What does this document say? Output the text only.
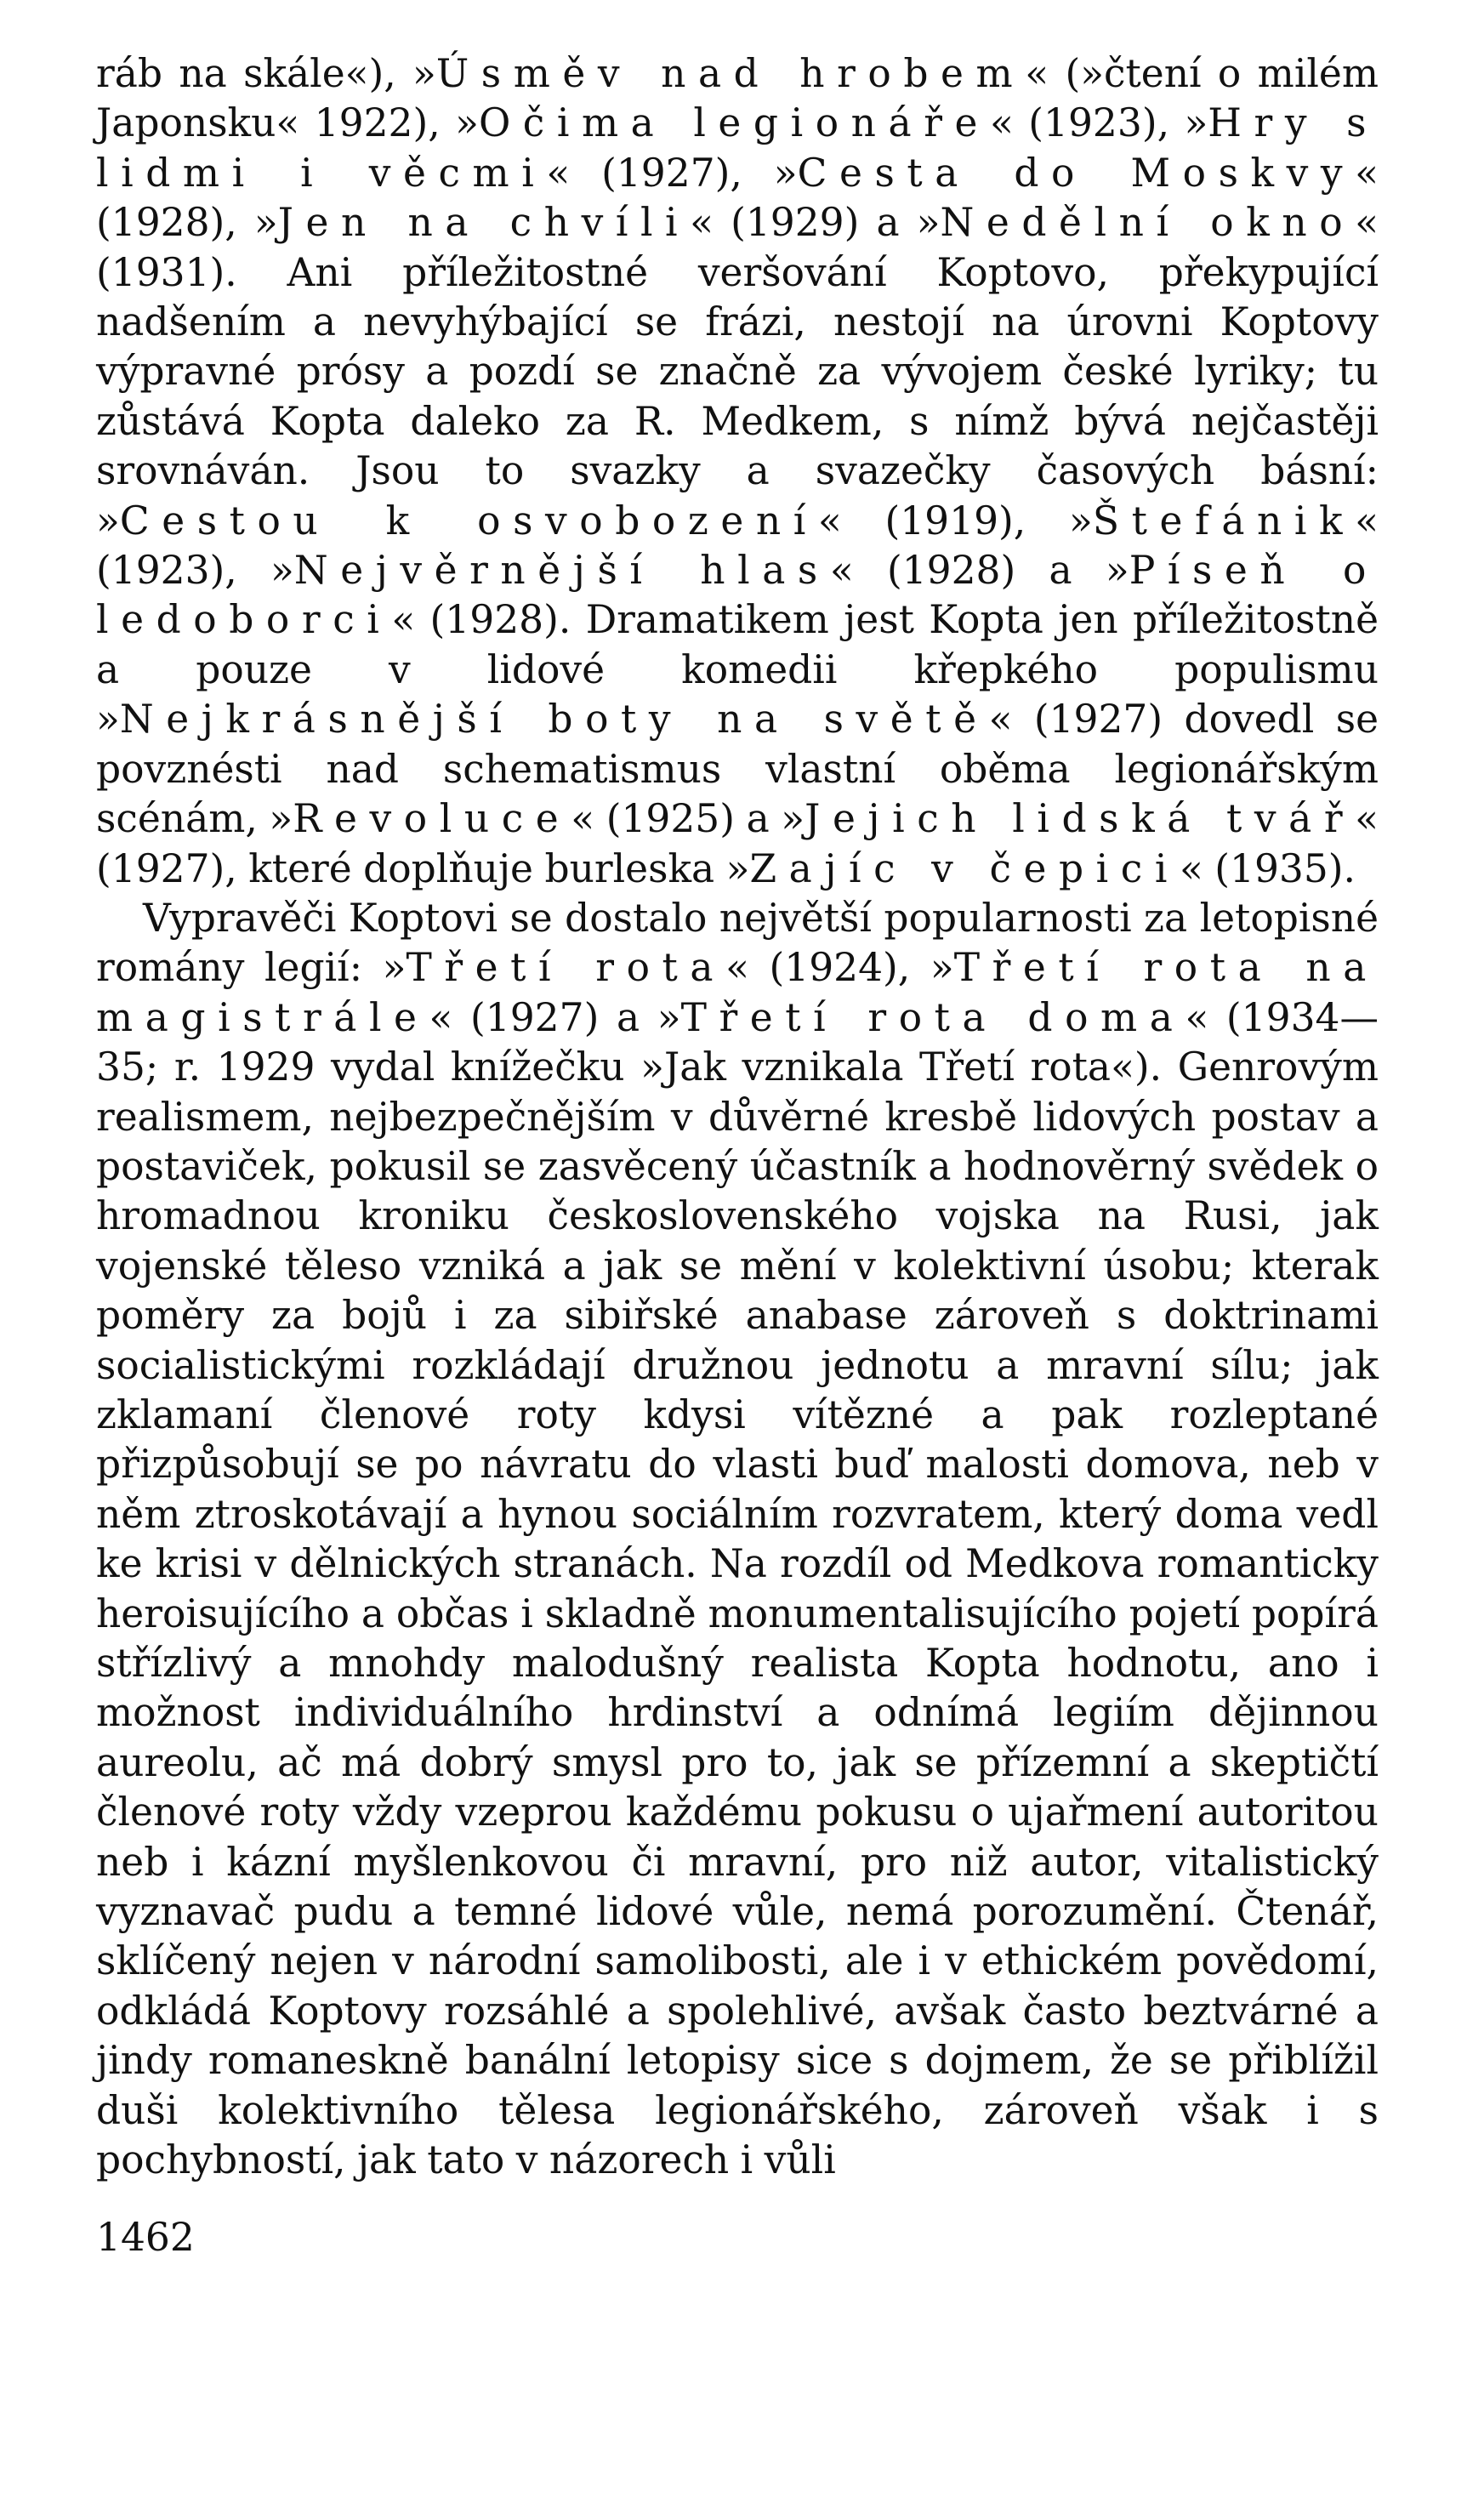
ráb na skále«), »Úsměv nad hrobem« (»čtení o milém Japonsku« 1922), »Očima legionáře« (1923), »Hry s lidmi i věcmi« (1927), »Cesta do Moskvy« (1928), »Jen na chvíli« (1929) a »Nedělní okno« (1931). Ani příležitostné veršování Koptovo, překypující nadšením a nevyhýbající se frázi, nestojí na úrovni Koptovy výpravné prósy a pozdí se značně za vývojem české lyriky; tu zůstává Kopta daleko za R. Medkem, s nímž bývá nejčastěji srovnáván. Jsou to svazky a svazečky časových básní: »Cestou k osvobození« (1919), »Štefánik« (1923), »Nejvěrnější hlas« (1928) a »Píseň o ledoborci« (1928). Dramatikem jest Kopta jen příležitostně a pouze v lidové komedii křepkého populismu »Nejkrásnější boty na světě« (1927) dovedl se povznésti nad schematismus vlastní oběma legionářským scénám, »Revoluce« (1925) a »Jejich lidská tvář« (1927), které doplňuje burleska »Zajíc v čepici« (1935).

Vypravěči Koptovi se dostalo největší popularnosti za letopisné romány legií: »Třetí rota« (1924), »Třetí rota na magistrále« (1927) a »Třetí rota doma« (1934—35; r. 1929 vydal knížečku »Jak vznikala Třetí rota«). Genrovým realismem, nejbezpečnějším v důvěrné kresbě lidových postav a postaviček, pokusil se zasvěcený účastník a hodnověrný svědek o hromadnou kroniku československého vojska na Rusi, jak vojenské těleso vzniká a jak se mění v kolektivní úsobu; kterak poměry za bojů i za sibiřské anabase zároveň s doktrinami socialistickými rozkládají družnou jednotu a mravní sílu; jak zklamaní členové roty kdysi vítězné a pak rozleptané přizpůsobují se po návratu do vlasti buď malosti domova, neb v něm ztroskotávají a hynou sociálním rozvratem, který doma vedl ke krisi v dělnických stranách. Na rozdíl od Medkova romanticky heroisujícího a občas i skladně monumentalisujícího pojetí popírá střízlivý a mnohdy malodušný realista Kopta hodnotu, ano i možnost individuálního hrdinství a odnímá legiím dějinnou aureolu, ač má dobrý smysl pro to, jak se přízemní a skeptičtí členové roty vždy vzeprou každému pokusu o ujařmení autoritou neb i kázní myšlenkovou či mravní, pro niž autor, vitalistický vyznavač pudu a temné lidové vůle, nemá porozumění. Čtenář, sklíčený nejen v národní samolibosti, ale i v ethickém povědomí, odkládá Koptovy rozsáhlé a spolehlivé, avšak často beztvárné a jindy romaneskně banální letopisy sice s dojmem, že se přiblížil duši kolektivního tělesa legionářského, zároveň však i s pochybností, jak tato v názorech i vůli

1462
